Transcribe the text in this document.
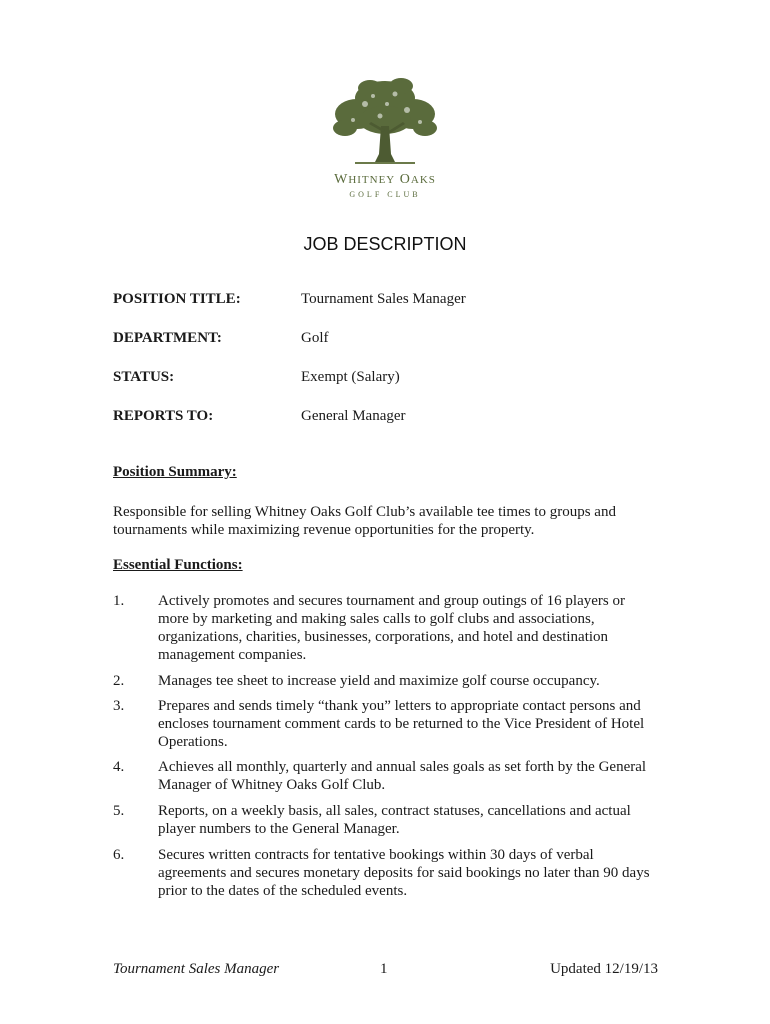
WHITNEY OAKS
GOLF CLUB
JOB DESCRIPTION
POSITION TITLE:	Tournament Sales Manager
DEPARTMENT:	Golf
STATUS:	Exempt (Salary)
REPORTS TO:	General Manager
Position Summary:
Responsible for selling Whitney Oaks Golf Club’s available tee times to groups and
tournaments while maximizing revenue opportunities for the property.
Essential Functions:
1. Actively promotes and secures tournament and group outings of 16 players or
more by marketing and making sales calls to golf clubs and associations,
organizations, charities, businesses, corporations, and hotel and destination
management companies.
2. Manages tee sheet to increase yield and maximize golf course occupancy.
3. Prepares and sends timely “thank you” letters to appropriate contact persons and
encloses tournament comment cards to be returned to the Vice President of Hotel
Operations.
4. Achieves all monthly, quarterly and annual sales goals as set forth by the General
Manager of Whitney Oaks Golf Club.
5. Reports, on a weekly basis, all sales, contract statuses, cancellations and actual
player numbers to the General Manager.
6. Secures written contracts for tentative bookings within 30 days of verbal
agreements and secures monetary deposits for said bookings no later than 90 days
prior to the dates of the scheduled events.
Tournament Sales Manager	1	Updated 12/19/13
